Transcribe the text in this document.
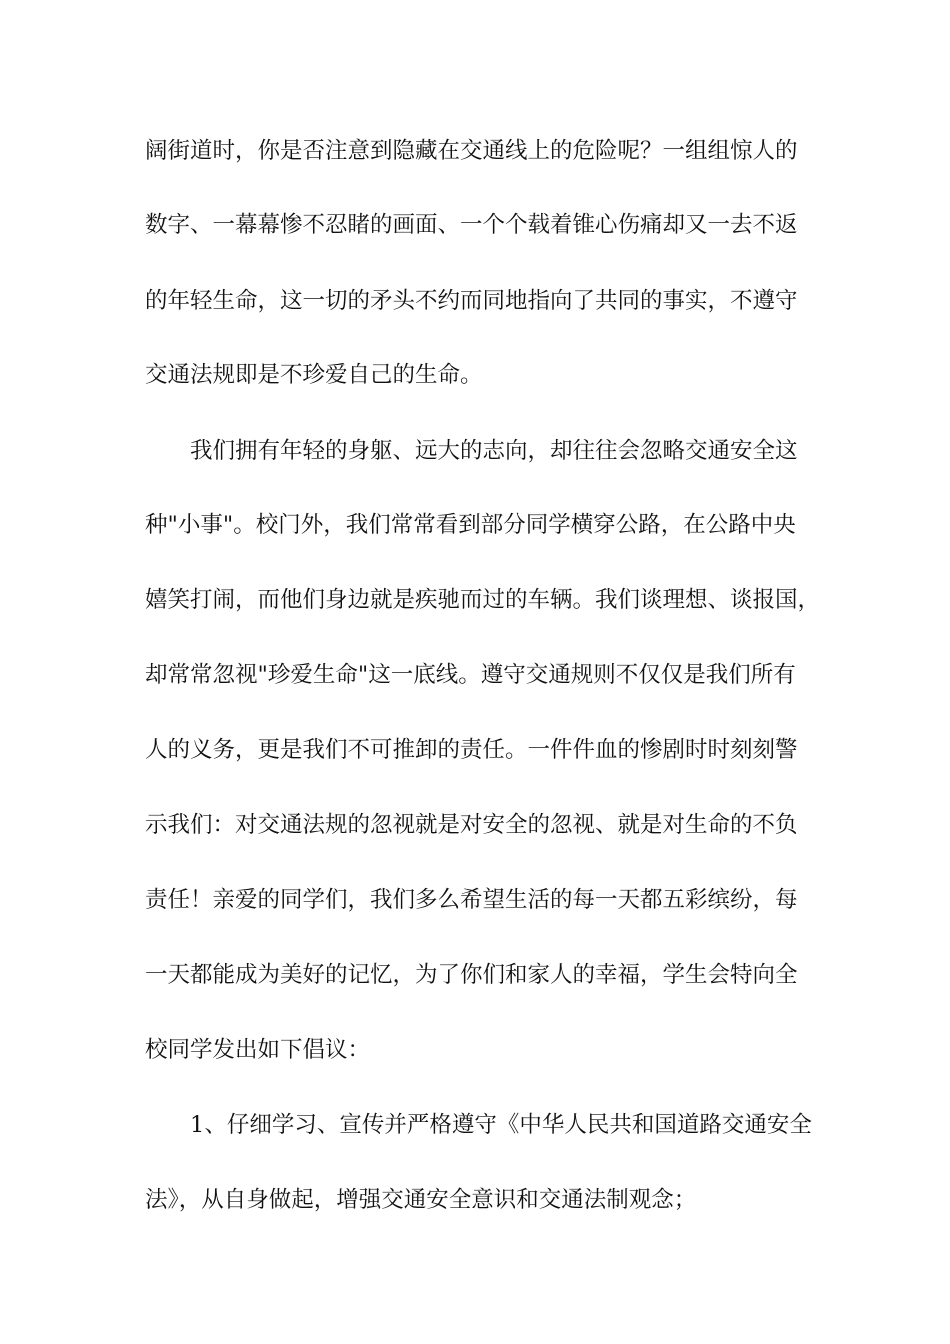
阔街道时，你是否注意到隐藏在交通线上的危险呢？一组组惊人的

数字、一幕幕惨不忍睹的画面、一个个载着锥心伤痛却又一去不返

的年轻生命，这一切的矛头不约而同地指向了共同的事实，不遵守

交通法规即是不珍爱自己的生命。

我们拥有年轻的身躯、远大的志向，却往往会忽略交通安全这

种"小事"。校门外，我们常常看到部分同学横穿公路，在公路中央

嬉笑打闹，而他们身边就是疾驰而过的车辆。我们谈理想、谈报国，

却常常忽视"珍爱生命"这一底线。遵守交通规则不仅仅是我们所有

人的义务，更是我们不可推卸的责任。一件件血的惨剧时时刻刻警

示我们：对交通法规的忽视就是对安全的忽视、就是对生命的不负

责任！亲爱的同学们，我们多么希望生活的每一天都五彩缤纷，每

一天都能成为美好的记忆，为了你们和家人的幸福，学生会特向全

校同学发出如下倡议：

1、仔细学习、宣传并严格遵守《中华人民共和国道路交通安全

法》，从自身做起，增强交通安全意识和交通法制观念；
